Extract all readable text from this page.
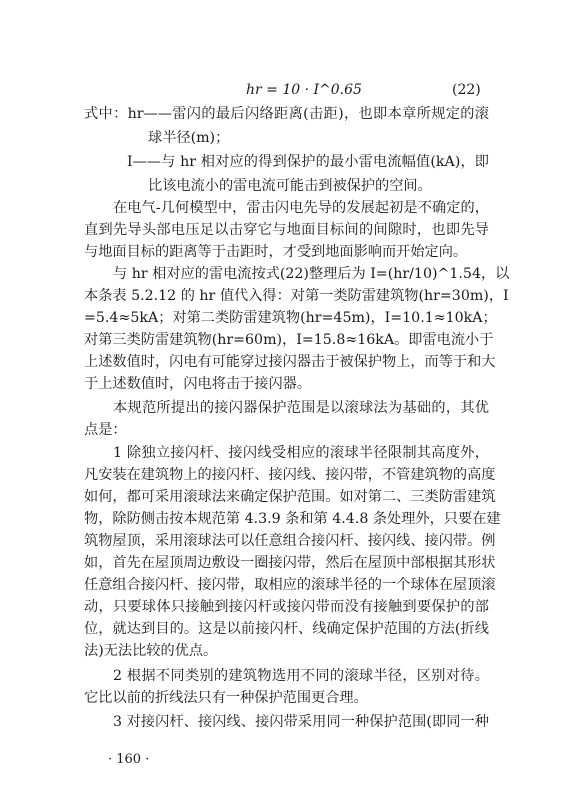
hr = 10 · I^0.65	(22)
式中：hr——雷闪的最后闪络距离(击距)，也即本章所规定的滚
球半径(m)；
I——与 hr 相对应的得到保护的最小雷电流幅值(kA)，即
比该电流小的雷电流可能击到被保护的空间。
在电气-几何模型中，雷击闪电先导的发展起初是不确定的，
直到先导头部电压足以击穿它与地面目标间的间隙时，也即先导
与地面目标的距离等于击距时，才受到地面影响而开始定向。
与 hr 相对应的雷电流按式(22)整理后为 I=(hr/10)^1.54，以
本条表 5.2.12 的 hr 值代入得：对第一类防雷建筑物(hr=30m)，I
=5.4≈5kA；对第二类防雷建筑物(hr=45m)，I=10.1≈10kA；
对第三类防雷建筑物(hr=60m)，I=15.8≈16kA。即雷电流小于
上述数值时，闪电有可能穿过接闪器击于被保护物上，而等于和大
于上述数值时，闪电将击于接闪器。
本规范所提出的接闪器保护范围是以滚球法为基础的，其优
点是：
1 除独立接闪杆、接闪线受相应的滚球半径限制其高度外，
凡安装在建筑物上的接闪杆、接闪线、接闪带，不管建筑物的高度
如何，都可采用滚球法来确定保护范围。如对第二、三类防雷建筑
物，除防侧击按本规范第 4.3.9 条和第 4.4.8 条处理外，只要在建
筑物屋顶，采用滚球法可以任意组合接闪杆、接闪线、接闪带。例
如，首先在屋顶周边敷设一圈接闪带，然后在屋顶中部根据其形状
任意组合接闪杆、接闪带，取相应的滚球半径的一个球体在屋顶滚
动，只要球体只接触到接闪杆或接闪带而没有接触到要保护的部
位，就达到目的。这是以前接闪杆、线确定保护范围的方法(折线
法)无法比较的优点。
2 根据不同类别的建筑物选用不同的滚球半径，区别对待。
它比以前的折线法只有一种保护范围更合理。
3 对接闪杆、接闪线、接闪带采用同一种保护范围(即同一种
· 160 ·
